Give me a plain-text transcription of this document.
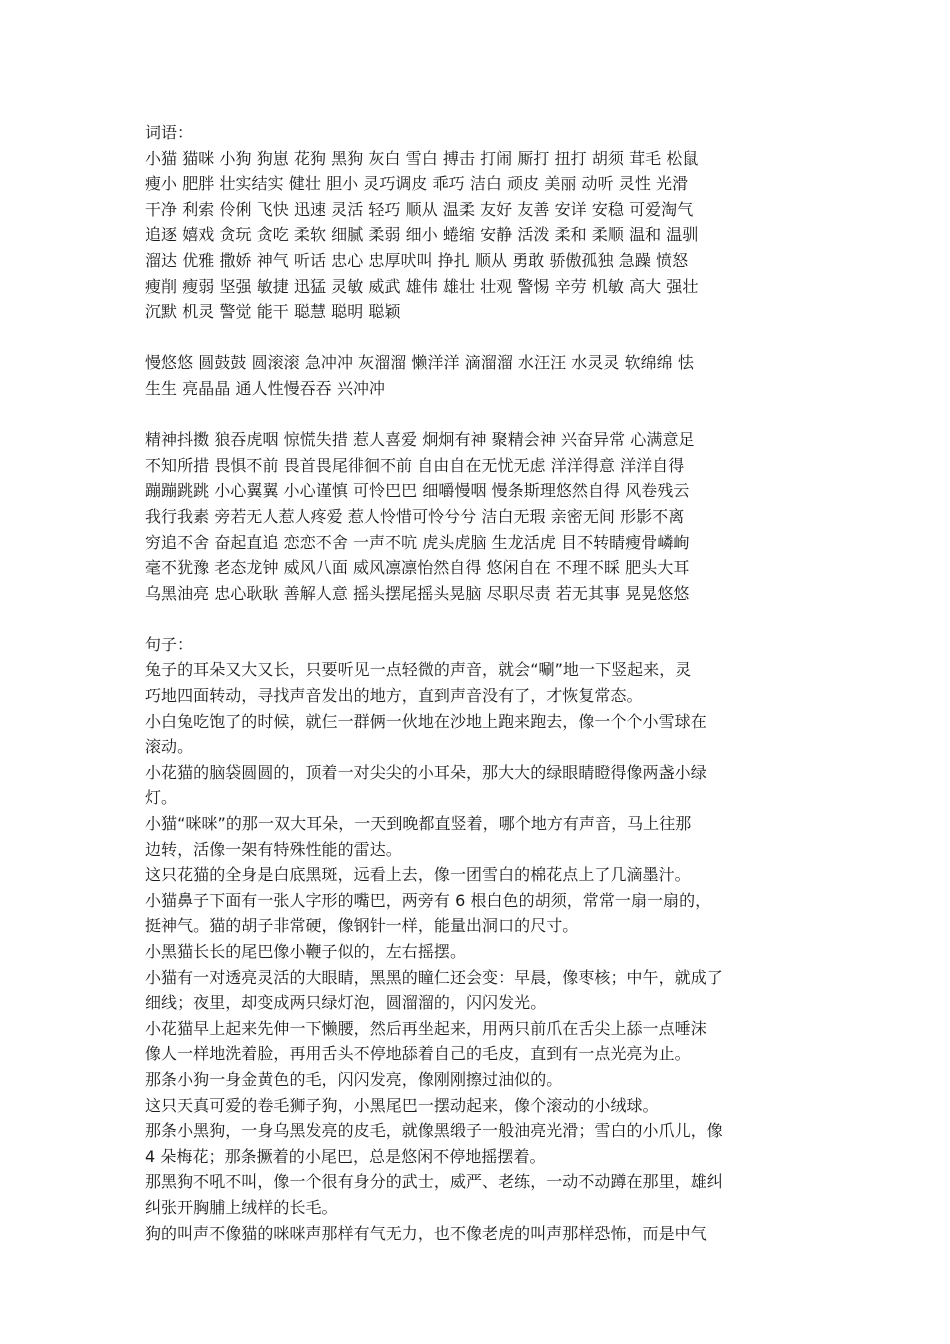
词语：
小猫 猫咪 小狗 狗崽 花狗 黑狗 灰白 雪白 搏击 打闹 厮打 扭打 胡须 茸毛 松鼠
瘦小 肥胖 壮实结实 健壮 胆小 灵巧调皮 乖巧 洁白 顽皮 美丽 动听 灵性 光滑
干净 利索 伶俐 飞快 迅速 灵活 轻巧 顺从 温柔 友好 友善 安详 安稳 可爱淘气
追逐 嬉戏 贪玩 贪吃 柔软 细腻 柔弱 细小 蜷缩 安静 活泼 柔和 柔顺 温和 温驯
溜达 优雅 撒娇 神气 听话 忠心 忠厚吠叫 挣扎 顺从 勇敢 骄傲孤独 急躁 愤怒
瘦削 瘦弱 坚强 敏捷 迅猛 灵敏 威武 雄伟 雄壮 壮观 警惕 辛劳 机敏 高大 强壮
沉默 机灵 警觉 能干 聪慧 聪明 聪颖
慢悠悠 圆鼓鼓 圆滚滚 急冲冲 灰溜溜 懒洋洋 滴溜溜 水汪汪 水灵灵 软绵绵 怯
生生 亮晶晶 通人性慢吞吞 兴冲冲
精神抖擞 狼吞虎咽 惊慌失措 惹人喜爱 炯炯有神 聚精会神 兴奋异常 心满意足
不知所措 畏惧不前 畏首畏尾徘徊不前 自由自在无忧无虑 洋洋得意 洋洋自得
蹦蹦跳跳 小心翼翼 小心谨慎 可怜巴巴 细嚼慢咽 慢条斯理悠然自得 风卷残云
我行我素 旁若无人惹人疼爱 惹人怜惜可怜兮兮 洁白无瑕 亲密无间 形影不离
穷追不舍 奋起直追 恋恋不舍 一声不吭 虎头虎脑 生龙活虎 目不转睛瘦骨嶙峋
毫不犹豫 老态龙钟 威风八面 威风凛凛怡然自得 悠闲自在 不理不睬 肥头大耳
乌黑油亮 忠心耿耿 善解人意 摇头摆尾摇头晃脑 尽职尽责 若无其事 晃晃悠悠
句子：
兔子的耳朵又大又长，只要听见一点轻微的声音，就会“唰”地一下竖起来，灵
巧地四面转动，寻找声音发出的地方，直到声音没有了，才恢复常态。
小白兔吃饱了的时候，就仨一群俩一伙地在沙地上跑来跑去，像一个个小雪球在
滚动。
小花猫的脑袋圆圆的，顶着一对尖尖的小耳朵，那大大的绿眼睛瞪得像两盏小绿
灯。
小猫“咪咪”的那一双大耳朵，一天到晚都直竖着，哪个地方有声音，马上往那
边转，活像一架有特殊性能的雷达。
这只花猫的全身是白底黑斑，远看上去，像一团雪白的棉花点上了几滴墨汁。
小猫鼻子下面有一张人字形的嘴巴，两旁有 6 根白色的胡须，常常一扇一扇的，
挺神气。猫的胡子非常硬，像钢针一样，能量出洞口的尺寸。
小黑猫长长的尾巴像小鞭子似的，左右摇摆。
小猫有一对透亮灵活的大眼睛，黑黑的瞳仁还会变：早晨，像枣核；中午，就成了
细线；夜里，却变成两只绿灯泡，圆溜溜的，闪闪发光。
小花猫早上起来先伸一下懒腰，然后再坐起来，用两只前爪在舌尖上舔一点唾沫
像人一样地洗着脸，再用舌头不停地舔着自己的毛皮，直到有一点光亮为止。
那条小狗一身金黄色的毛，闪闪发亮，像刚刚擦过油似的。
这只天真可爱的卷毛狮子狗，小黑尾巴一摆动起来，像个滚动的小绒球。
那条小黑狗，一身乌黑发亮的皮毛，就像黑缎子一般油亮光滑；雪白的小爪儿，像
4 朵梅花；那条撅着的小尾巴，总是悠闲不停地摇摆着。
那黑狗不吼不叫，像一个很有身分的武士，威严、老练，一动不动蹲在那里，雄纠
纠张开胸脯上绒样的长毛。
狗的叫声不像猫的咪咪声那样有气无力，也不像老虎的叫声那样恐怖，而是中气
